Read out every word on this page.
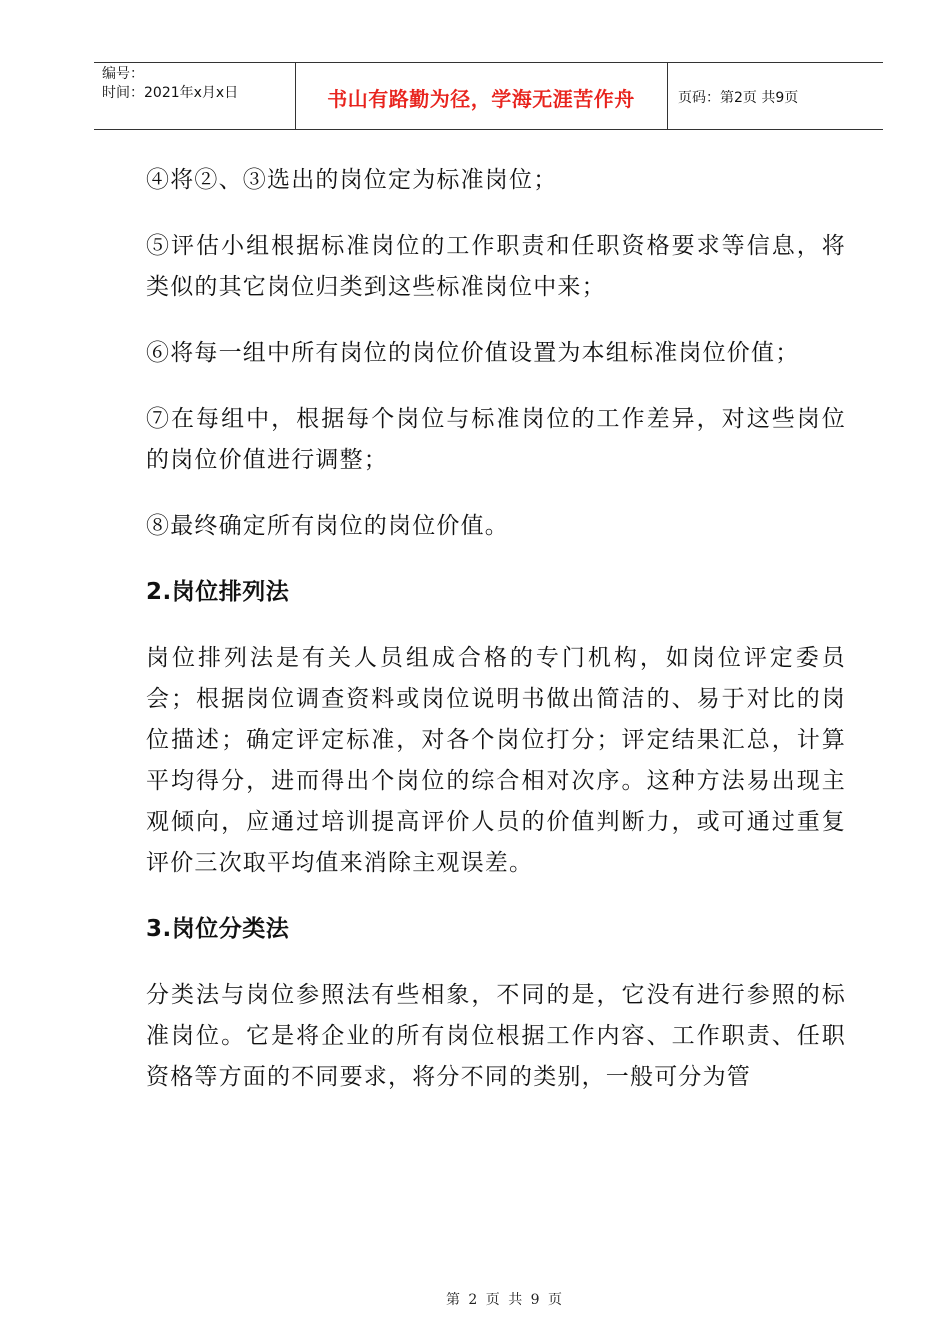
编号：
时间：2021年x月x日	书山有路勤为径，学海无涯苦作舟	页码：第2页 共9页

④将②、③选出的岗位定为标准岗位；

⑤评估小组根据标准岗位的工作职责和任职资格要求等信息，将类似的其它岗位归类到这些标准岗位中来；

⑥将每一组中所有岗位的岗位价值设置为本组标准岗位价值；

⑦在每组中，根据每个岗位与标准岗位的工作差异，对这些岗位的岗位价值进行调整；

⑧最终确定所有岗位的岗位价值。

2.岗位排列法

岗位排列法是有关人员组成合格的专门机构，如岗位评定委员会；根据岗位调查资料或岗位说明书做出简洁的、易于对比的岗位描述；确定评定标准，对各个岗位打分；评定结果汇总，计算平均得分，进而得出个岗位的综合相对次序。这种方法易出现主观倾向，应通过培训提高评价人员的价值判断力，或可通过重复评价三次取平均值来消除主观误差。

3.岗位分类法

分类法与岗位参照法有些相象，不同的是，它没有进行参照的标准岗位。它是将企业的所有岗位根据工作内容、工作职责、任职资格等方面的不同要求，将分不同的类别，一般可分为管

第 2 页 共 9 页
